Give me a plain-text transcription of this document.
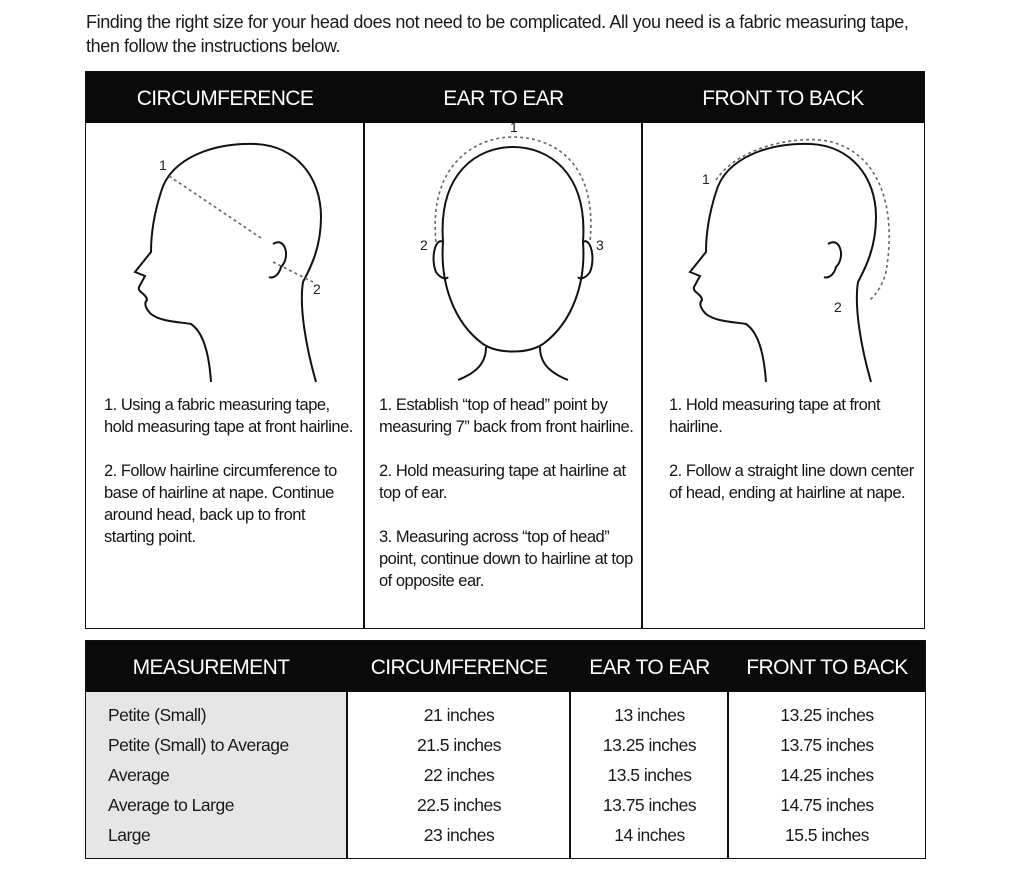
Finding the right size for your head does not need to be complicated. All you need is a fabric measuring tape, then follow the instructions below.
CIRCUMFERENCE	EAR TO EAR	FRONT TO BACK
1
2
1
2	3
1
2

1. Using a fabric measuring tape, hold measuring tape at front hairline.

2. Follow hairline circumference to base of hairline at nape. Continue around head, back up to front starting point.

1. Establish “top of head” point by measuring 7” back from front hairline.

2. Hold measuring tape at hairline at top of ear.

3. Measuring across “top of head” point, continue down to hairline at top of opposite ear.

1. Hold measuring tape at front hairline.

2. Follow a straight line down center of head, ending at hairline at nape.

MEASUREMENT	CIRCUMFERENCE	EAR TO EAR	FRONT TO BACK
Petite (Small)	21 inches	13 inches	13.25 inches
Petite (Small) to Average	21.5 inches	13.25 inches	13.75 inches
Average	22 inches	13.5 inches	14.25 inches
Average to Large	22.5 inches	13.75 inches	14.75 inches
Large	23 inches	14 inches	15.5 inches
